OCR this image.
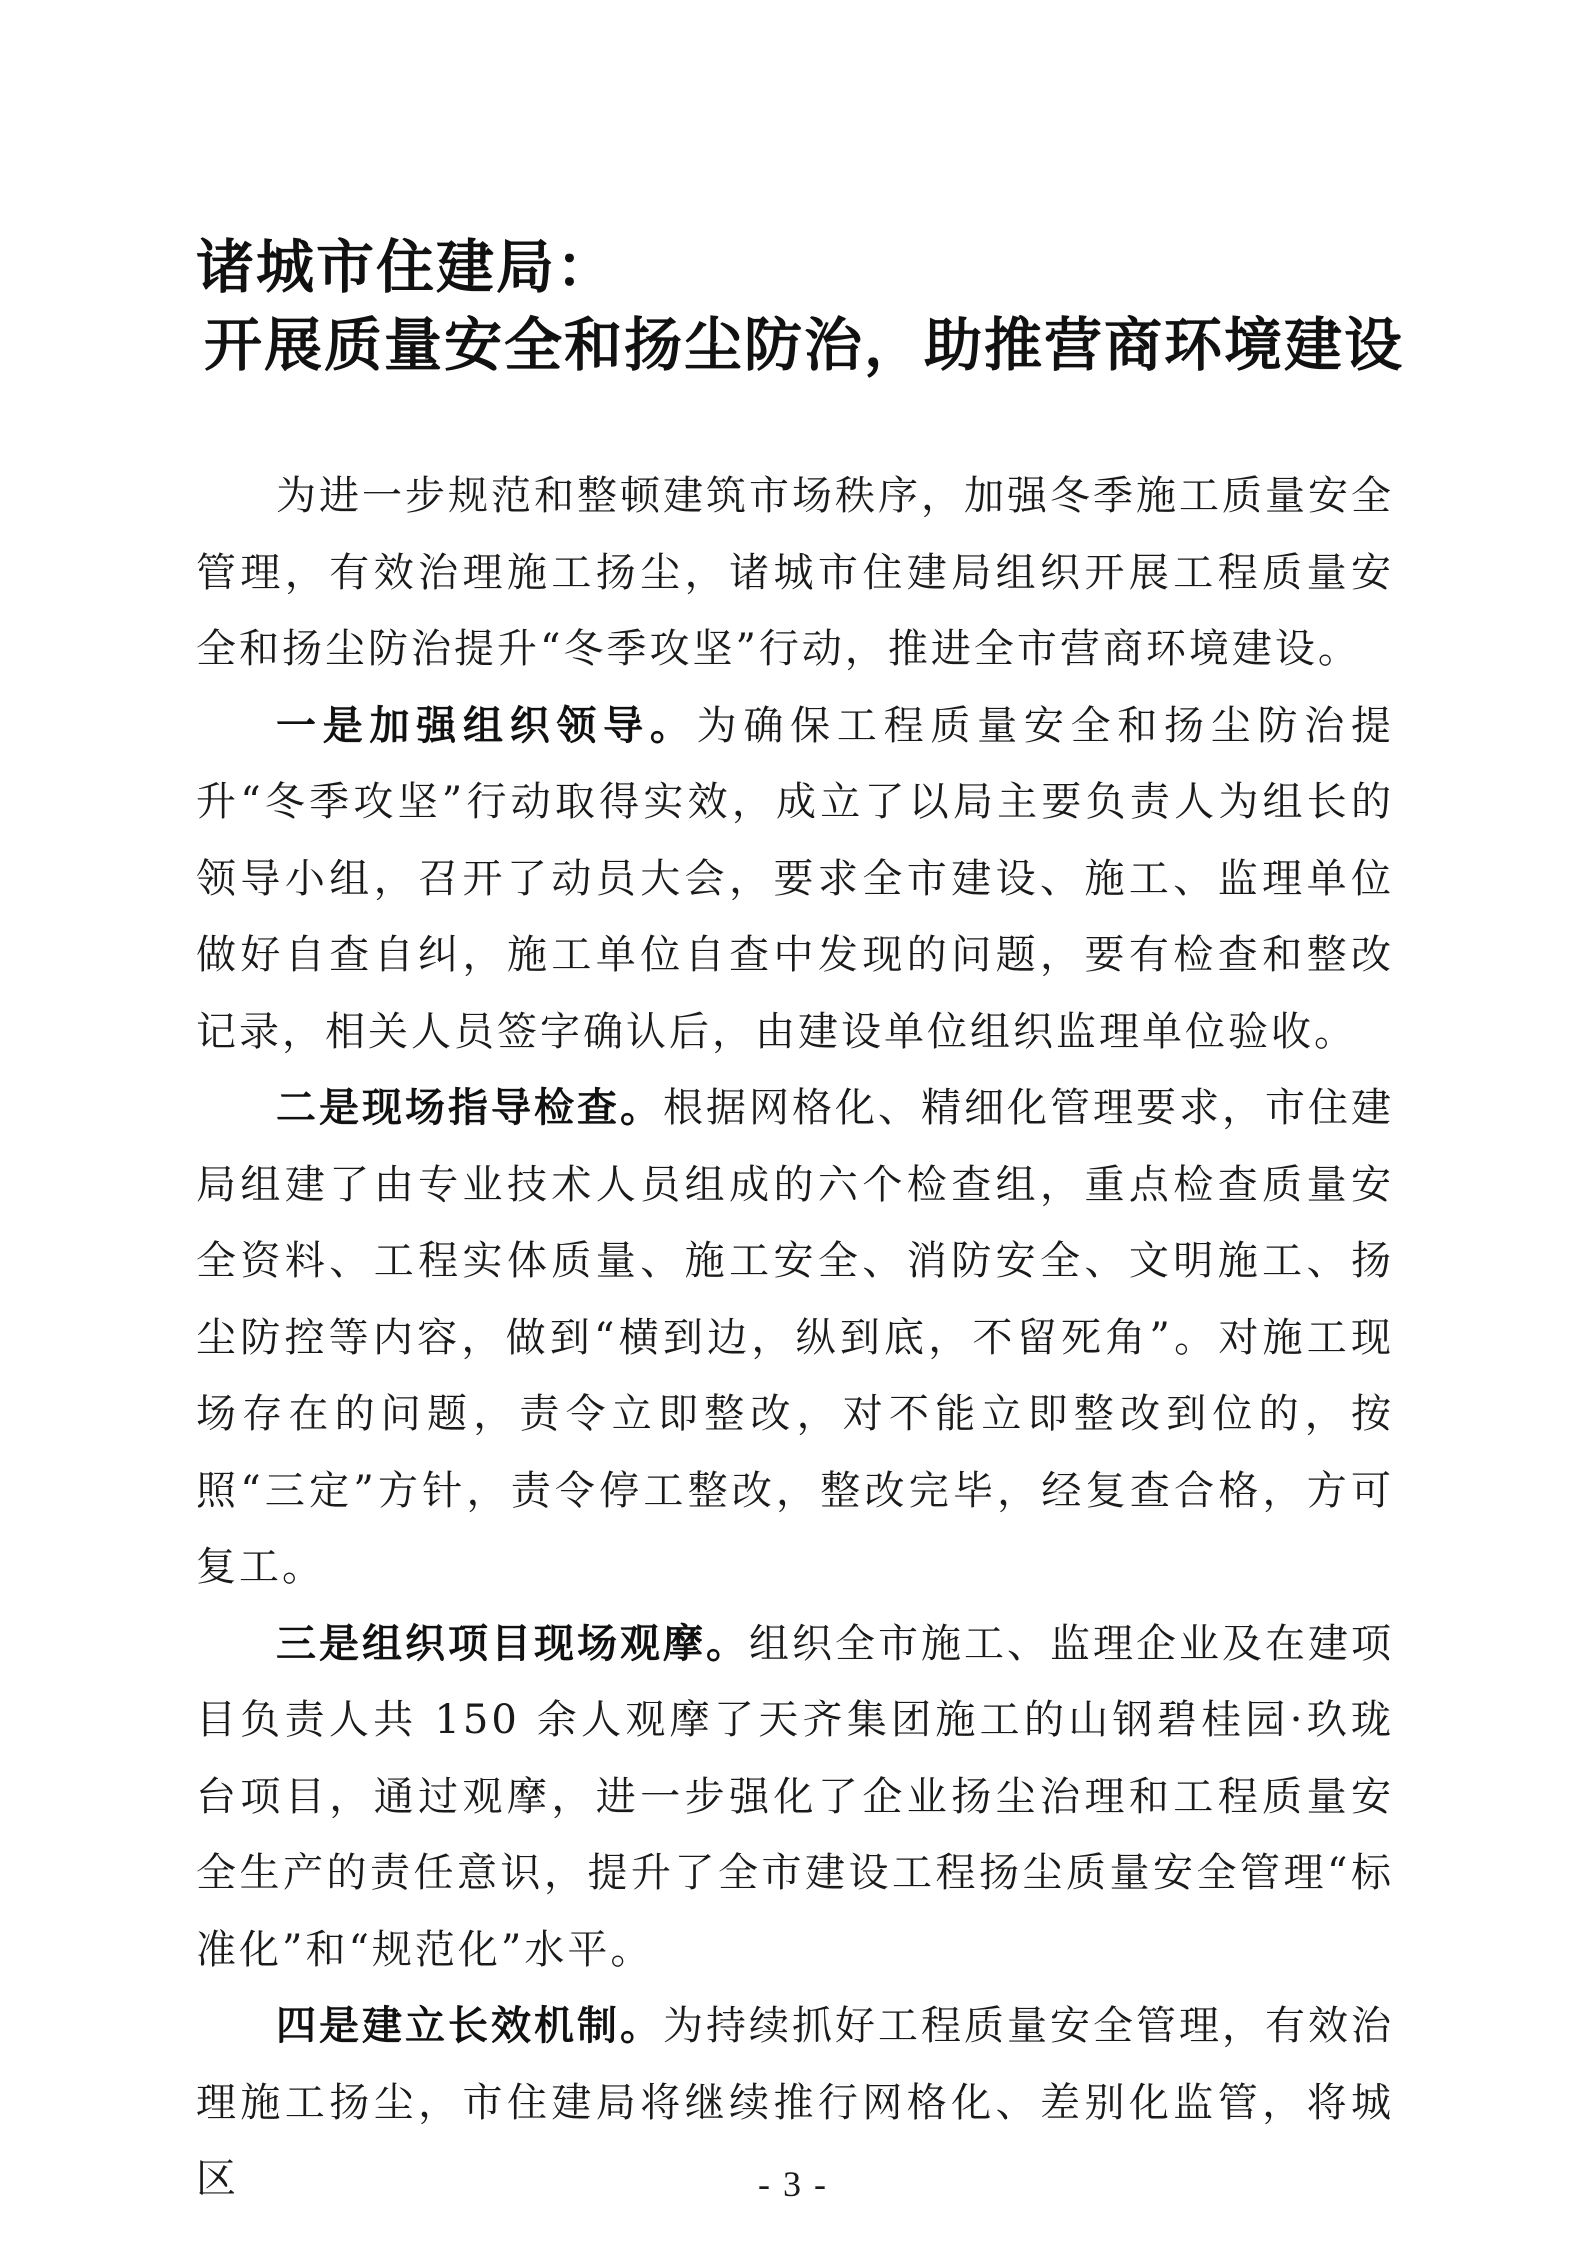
诸城市住建局：
开展质量安全和扬尘防治，助推营商环境建设

为进一步规范和整顿建筑市场秩序，加强冬季施工质量安全管理，有效治理施工扬尘，诸城市住建局组织开展工程质量安全和扬尘防治提升“冬季攻坚”行动，推进全市营商环境建设。

一是加强组织领导。为确保工程质量安全和扬尘防治提升“冬季攻坚”行动取得实效，成立了以局主要负责人为组长的领导小组，召开了动员大会，要求全市建设、施工、监理单位做好自查自纠，施工单位自查中发现的问题，要有检查和整改记录，相关人员签字确认后，由建设单位组织监理单位验收。

二是现场指导检查。根据网格化、精细化管理要求，市住建局组建了由专业技术人员组成的六个检查组，重点检查质量安全资料、工程实体质量、施工安全、消防安全、文明施工、扬尘防控等内容，做到“横到边，纵到底，不留死角”。对施工现场存在的问题，责令立即整改，对不能立即整改到位的，按照“三定”方针，责令停工整改，整改完毕，经复查合格，方可复工。

三是组织项目现场观摩。组织全市施工、监理企业及在建项目负责人共 150 余人观摩了天齐集团施工的山钢碧桂园·玖珑台项目，通过观摩，进一步强化了企业扬尘治理和工程质量安全生产的责任意识，提升了全市建设工程扬尘质量安全管理“标准化”和“规范化”水平。

四是建立长效机制。为持续抓好工程质量安全管理，有效治理施工扬尘，市住建局将继续推行网格化、差别化监管，将城区	- 3 -
